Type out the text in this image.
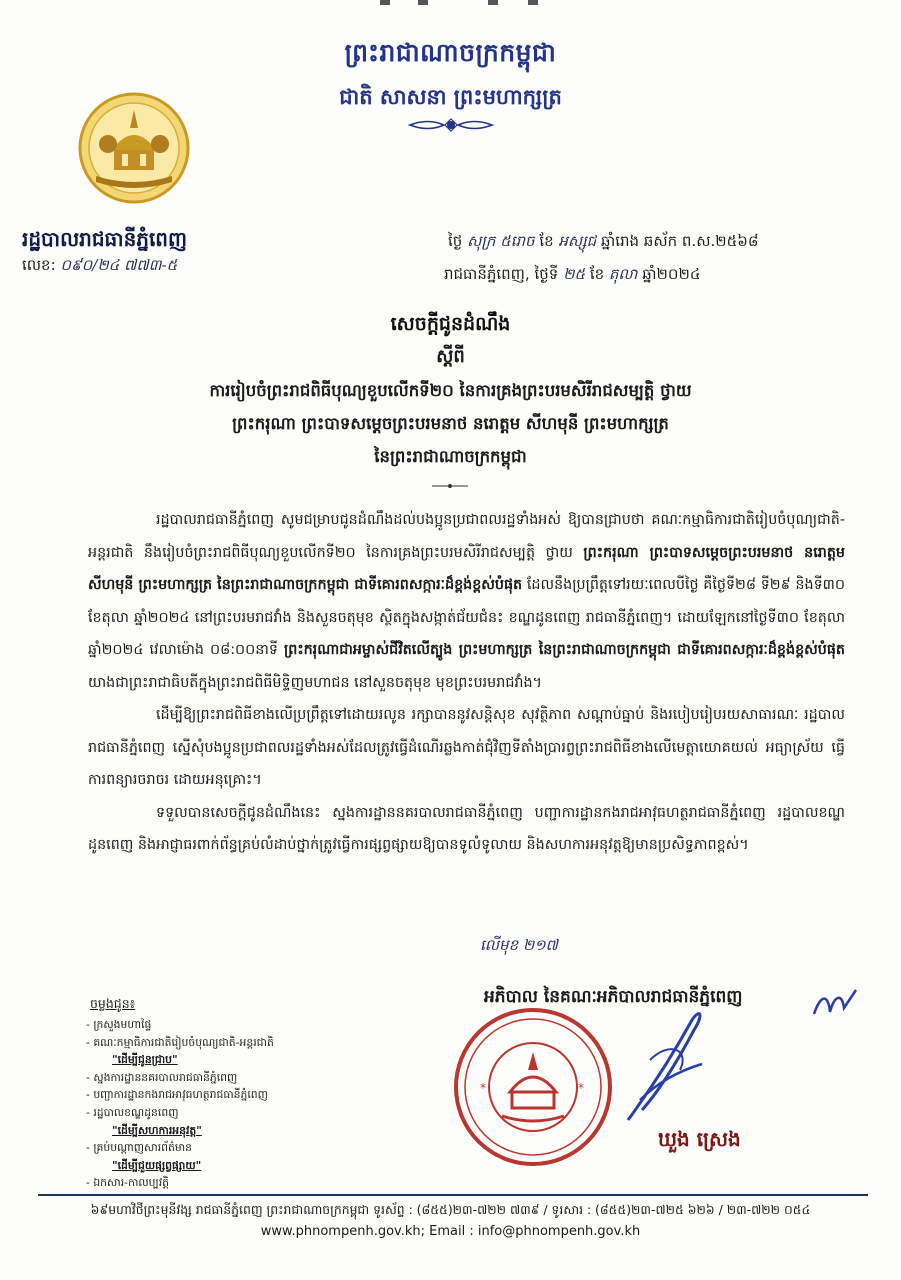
ព្រះរាជាណាចក្រកម្ពុជា
ជាតិ សាសនា ព្រះមហាក្សត្រ
រដ្ឋបាលរាជធានីភ្នំពេញ
លេខ: ០៩០/២៤ ៧៧៣-៥
ថ្ងៃ សុក្រ ៥រោច ខែ អស្សុជ ឆ្នាំរោង ឆស័ក ព.ស.២៥៦៨
រាជធានីភ្នំពេញ, ថ្ងៃទី ២៥ ខែ តុលា ឆ្នាំ២០២៤
សេចក្តីជូនដំណឹង
ស្តីពី
ការរៀបចំព្រះរាជពិធីបុណ្យខួបលើកទី២០ នៃការគ្រងព្រះបរមសិរីរាជសម្បត្តិ ថ្វាយ
ព្រះករុណា ព្រះបាទសម្តេចព្រះបរមនាថ នរោត្តម សីហមុនី ព្រះមហាក្សត្រ
នៃព្រះរាជាណាចក្រកម្ពុជា

រដ្ឋបាលរាជធានីភ្នំពេញ សូមជម្រាបជូនដំណឹងដល់បងប្អូនប្រជាពលរដ្ឋទាំងអស់ ឱ្យបានជ្រាបថា គណៈកម្មាធិការជាតិរៀបចំបុណ្យជាតិ-អន្តរជាតិ នឹងរៀបចំព្រះរាជពិធីបុណ្យខួបលើកទី២០ នៃការគ្រងព្រះបរមសិរីរាជសម្បត្តិ ថ្វាយ ព្រះករុណា ព្រះបាទសម្តេចព្រះបរមនាថ នរោត្តម សីហមុនី ព្រះមហាក្សត្រ នៃព្រះរាជាណាចក្រកម្ពុជា ជាទីគោរពសក្ការៈដ៏ខ្ពង់ខ្ពស់បំផុត ដែលនឹងប្រព្រឹត្តទៅរយៈពេលបីថ្ងៃ គឺថ្ងៃទី២៨ ទី២៩ និងទី៣០ ខែតុលា ឆ្នាំ២០២៤ នៅព្រះបរមរាជវាំង និងសួនចតុមុខ ស្ថិតក្នុងសង្កាត់ជ័យជំនះ ខណ្ឌដូនពេញ រាជធានីភ្នំពេញ។ ដោយឡែកនៅថ្ងៃទី៣០ ខែតុលា ឆ្នាំ២០២៤ វេលាម៉ោង ០៨:០០នាទី ព្រះករុណាជាអម្ចាស់ជីវិតលើត្បូង ព្រះមហាក្សត្រ នៃព្រះរាជាណាចក្រកម្ពុជា ជាទីគោរពសក្ការៈដ៏ខ្ពង់ខ្ពស់បំផុត យាងជាព្រះរាជាធិបតីក្នុងព្រះរាជពិធីមិទ្ទិញមហាជន នៅសួនចតុមុខ មុខព្រះបរមរាជវាំង។

ដើម្បីឱ្យព្រះរាជពិធីខាងលើប្រព្រឹត្តទៅដោយរលូន រក្សាបាននូវសន្តិសុខ សុវត្ថិភាព សណ្តាប់ធ្នាប់ និងរបៀបរៀបរយសាធារណៈ រដ្ឋបាលរាជធានីភ្នំពេញ ស្នើសុំបងប្អូនប្រជាពលរដ្ឋទាំងអស់ដែលត្រូវធ្វើដំណើរឆ្លងកាត់ជុំវិញទីតាំងប្រារព្ធព្រះរាជពិធីខាងលើមេត្តាយោគយល់ អធ្យាស្រ័យ ធ្វើការពន្យារចរាចរ ដោយអនុគ្រោះ។

ទទួលបានសេចក្តីជូនដំណឹងនេះ ស្នងការដ្ឋាននគរបាលរាជធានីភ្នំពេញ បញ្ជាការដ្ឋានកងរាជអាវុធហត្ថរាជធានីភ្នំពេញ រដ្ឋបាលខណ្ឌដូនពេញ និងអាជ្ញាធរពាក់ព័ន្ធគ្រប់លំដាប់ថ្នាក់ត្រូវធ្វើការផ្សព្វផ្សាយឱ្យបានទូលំទូលាយ និងសហការអនុវត្តឱ្យមានប្រសិទ្ធភាពខ្ពស់។

លើមុខ ២១៧
ចម្លងជូន៖
- ក្រសួងមហាផ្ទៃ
- គណៈកម្មាធិការជាតិរៀបចំបុណ្យជាតិ-អន្តរជាតិ
"ដើម្បីជូនជ្រាប"
- ស្នងការដ្ឋាននគរបាលរាជធានីភ្នំពេញ
- បញ្ជាការដ្ឋានកងរាជអាវុធហត្ថរាជធានីភ្នំពេញ
- រដ្ឋបាលខណ្ឌដូនពេញ
"ដើម្បីសហការអនុវត្ត"
- គ្រប់បណ្តាញសារព័ត៌មាន
"ដើម្បីជួយផ្សព្វផ្សាយ"
- ឯកសារ-កាលប្បវត្តិ
*	*
អភិបាល នៃគណៈអភិបាលរាជធានីភ្នំពេញ
ឃួង ស្រេង
៦៩មហាវិថីព្រះមុនីវង្ស រាជធានីភ្នំពេញ ព្រះរាជាណាចក្រកម្ពុជា ទូរស័ព្ទ : (៨៥៥)២៣-៧២២ ៧៣៩ / ទូរសារ : (៨៥៥)២៣-៧២៥ ៦២៦ / ២៣-៧២២ ០៥៤
www.phnompenh.gov.kh; Email : info@phnompenh.gov.kh
